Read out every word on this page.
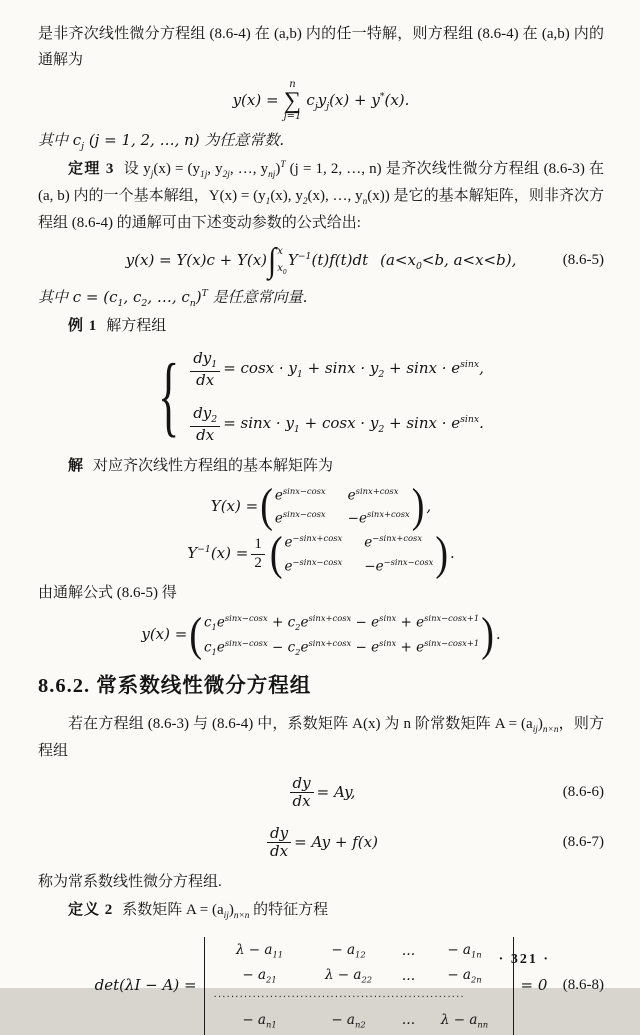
是非齐次线性微分方程组 (8.6-4) 在 (a,b) 内的任一特解，则方程组 (8.6-4) 在 (a,b) 内的通解为

y(x) =
n
∑
j=1
$c_jy_j(x) + y^*(x)$.

其中 $c_j$ (j = 1, 2, …, n) 为任意常数.

定理 3 设 $y_j(x) = (y_{1j}$, $y_{2j}$, …, $y_{nj})^T$ (j = 1, 2, …, n) 是齐次线性微分方程组 (8.6-3) 在 (a, b) 内的一个基本解组，$Y(x) = (y_1(x)$, $y_2(x)$, …, $y_n(x)$) 是它的基本解矩阵，则非齐次方程组 (8.6-4) 的通解可由下述变动参数的公式给出:

y(x) = Y(x)c + Y(x) ∫ x
$x_0$
$Y^{-1}(t)f(t)dt$ ($a<x_0<b$, a<x<b),	(8.6-5)

其中 $c = (c_1$, $c_2$, …, $c_n)^T$ 是任意常向量.

例 1 解方程组

{ $\frac{dy_1}{dx} = \cos x \cdot y_1 + \sin x \cdot y_2 + \sin x \cdot e^{sinx}$,
$\frac{dy_2}{dx} = \sin x \cdot y_1 + \cos x \cdot y_2 + \sin x \cdot e^{sinx}$.

解 对应齐次线性方程组的基本解矩阵为

Y(x) = ( $e^{sinx-cosx}$ $e^{sinx+cosx}$
$e^{sinx-cosx} -e^{sinx+cosx}$ ) ,
$Y^{-1}(x) = \frac{1}{2}$ ( $e^{-sinx+cosx}$ $e^{-sinx+cosx}$
$e^{-sinx-cosx} -e^{-sinx-cosx}$ ) .

由通解公式 (8.6-5) 得

y(x) = ( $c_1e^{sinx-cosx} + c_2e^{sinx+cosx} - e^{sinx} + e^{sinx-cosx+1}$
$c_1e^{sinx-cosx} - c_2e^{sinx+cosx} - e^{sinx} + e^{sinx-cosx+1}$ ) .
8.6.2. 常系数线性微分方程组

若在方程组 (8.6-3) 与 (8.6-4) 中，系数矩阵 A(x) 为 n 阶常数矩阵 $A = (a_{ij})_{n\times n}$，则方程组

$\frac{dy}{dx} = Ay$,	(8.6-6)
$\frac{dy}{dx} = Ay + f(x)$	(8.6-7)

称为常系数线性微分方程组.

定义 2 系数矩阵 $A = (a_{ij})_{n\times n}$ 的特征方程

det(λI − A) =
$\lambda - a_{11}$	− $a_{12}$	…	− $a_{1n}$
− $a_{21}$	$\lambda - a_{22}$	…	− $a_{2n}$
··························································
− $a_{n1}$	− $a_{n2}$	…	$\lambda - a_{nn}$
= 0 (8.6-8)
· 321 ·
